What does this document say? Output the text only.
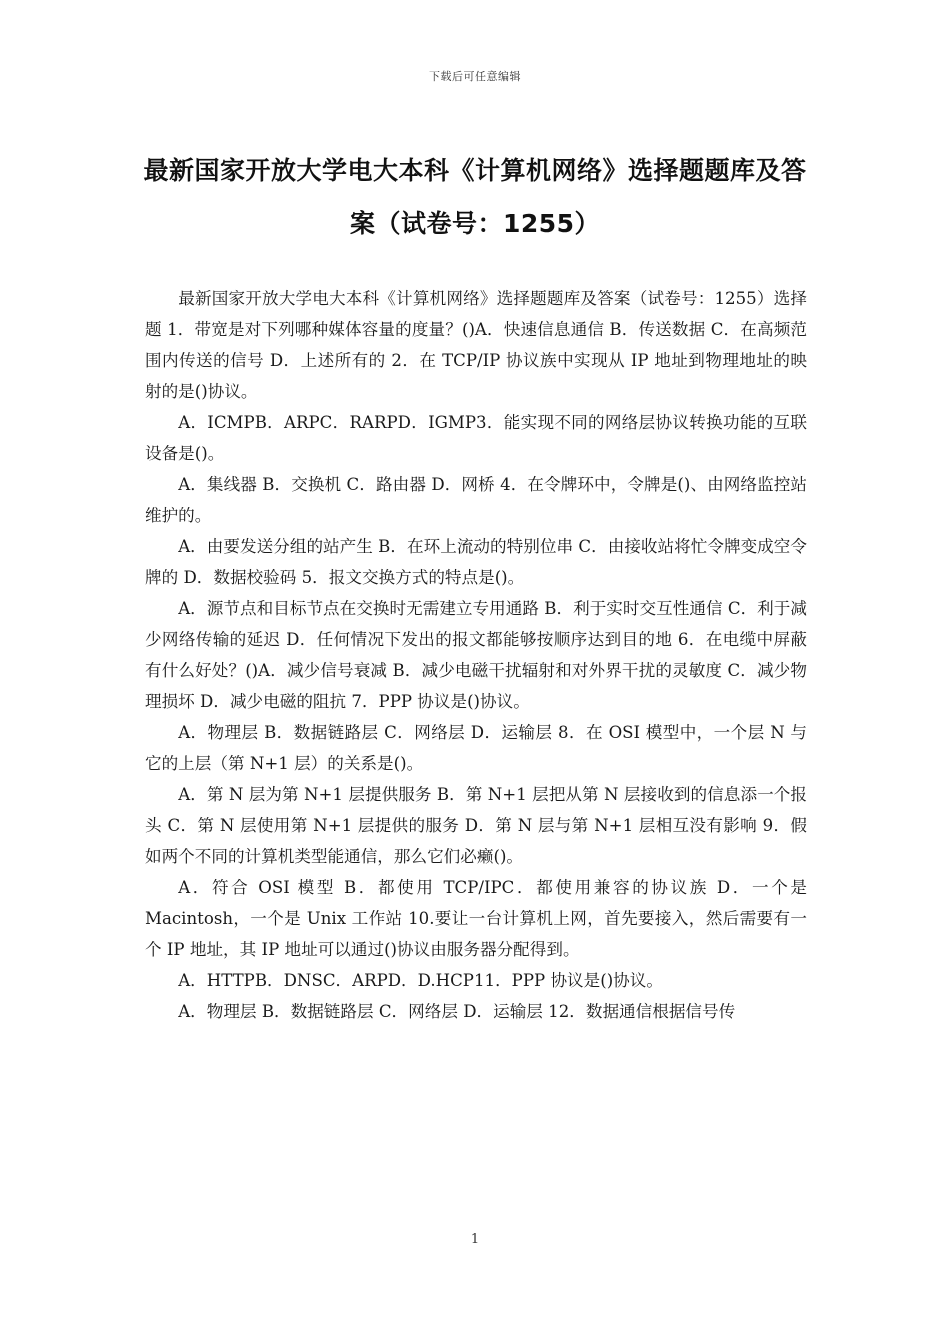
下载后可任意编辑
最新国家开放大学电大本科《计算机网络》选择题题库及答案（试卷号：1255）

最新国家开放大学电大本科《计算机网络》选择题题库及答案（试卷号：1255）选择题 1．带宽是对下列哪种媒体容量的度量？()A．快速信息通信 B．传送数据 C．在高频范围内传送的信号 D．上述所有的 2．在 TCP/IP 协议族中实现从 IP 地址到物理地址的映射的是()协议。

A．ICMPB．ARPC．RARPD．IGMP3．能实现不同的网络层协议转换功能的互联设备是()。

A．集线器 B．交换机 C．路由器 D．网桥 4．在令牌环中，令牌是()、由网络监控站维护的。

A．由要发送分组的站产生 B．在环上流动的特别位串 C．由接收站将忙令牌变成空令牌的 D．数据校验码 5．报文交换方式的特点是()。

A．源节点和目标节点在交换时无需建立专用通路 B．利于实时交互性通信 C．利于减少网络传输的延迟 D．任何情况下发出的报文都能够按顺序达到目的地 6．在电缆中屏蔽有什么好处？()A．减少信号衰减 B．减少电磁干扰辐射和对外界干扰的灵敏度 C．减少物理损坏 D．减少电磁的阻抗 7．PPP 协议是()协议。

A．物理层 B．数据链路层 C．网络层 D．运输层 8．在 OSI 模型中，一个层 N 与它的上层（第 N+1 层）的关系是()。

A．第 N 层为第 N+1 层提供服务 B．第 N+1 层把从第 N 层接收到的信息添一个报头 C．第 N 层使用第 N+1 层提供的服务 D．第 N 层与第 N+1 层相互没有影响 9．假如两个不同的计算机类型能通信，那么它们必癞()。

A．符合 OSI 模型 B．都使用 TCP/IPC．都使用兼容的协议族 D．一个是 Macintosh，一个是 Unix 工作站 10.要让一台计算机上网，首先要接入，然后需要有一个 IP 地址，其 IP 地址可以通过()协议由服务器分配得到。

A．HTTPB．DNSC．ARPD．D.HCP11．PPP 协议是()协议。

A．物理层 B．数据链路层 C．网络层 D．运输层 12．数据通信根据信号传

1
